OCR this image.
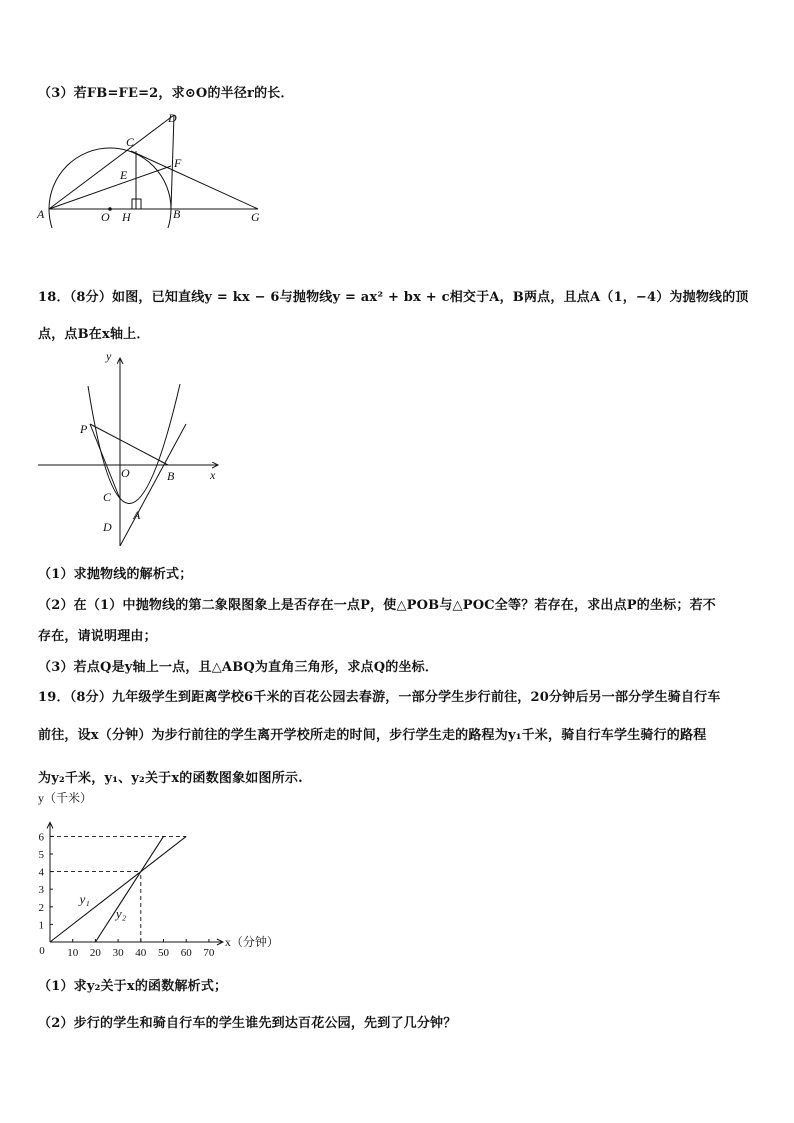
（3）若FB=FE=2，求⊙O的半径r的长．
A	O H	B	G
C
D
E
F
18．（8分）如图，已知直线y = kx − 6与抛物线y = ax² + bx + c相交于A，B两点，且点A（1，−4）为抛物线的顶
点，点B在x轴上．
y
x
O
P
B
C
A
D
（1）求抛物线的解析式；
（2）在（1）中抛物线的第二象限图象上是否存在一点P，使△POB与△POC全等？若存在，求出点P的坐标；若不
存在，请说明理由；
（3）若点Q是y轴上一点，且△ABQ为直角三角形，求点Q的坐标．
19．（8分）九年级学生到距离学校6千米的百花公园去春游，一部分学生步行前往，20分钟后另一部分学生骑自行车
前往，设x（分钟）为步行前往的学生离开学校所走的时间，步行学生走的路程为y₁千米，骑自行车学生骑行的路程
为y₂千米，y₁、y₂关于x的函数图象如图所示.
10 20 30 40 50 60 70
1
2
3
4
5
6
0
y（千米）
x（分钟）
y₁
y₂
（1）求y₂关于x的函数解析式；
（2）步行的学生和骑自行车的学生谁先到达百花公园，先到了几分钟？
